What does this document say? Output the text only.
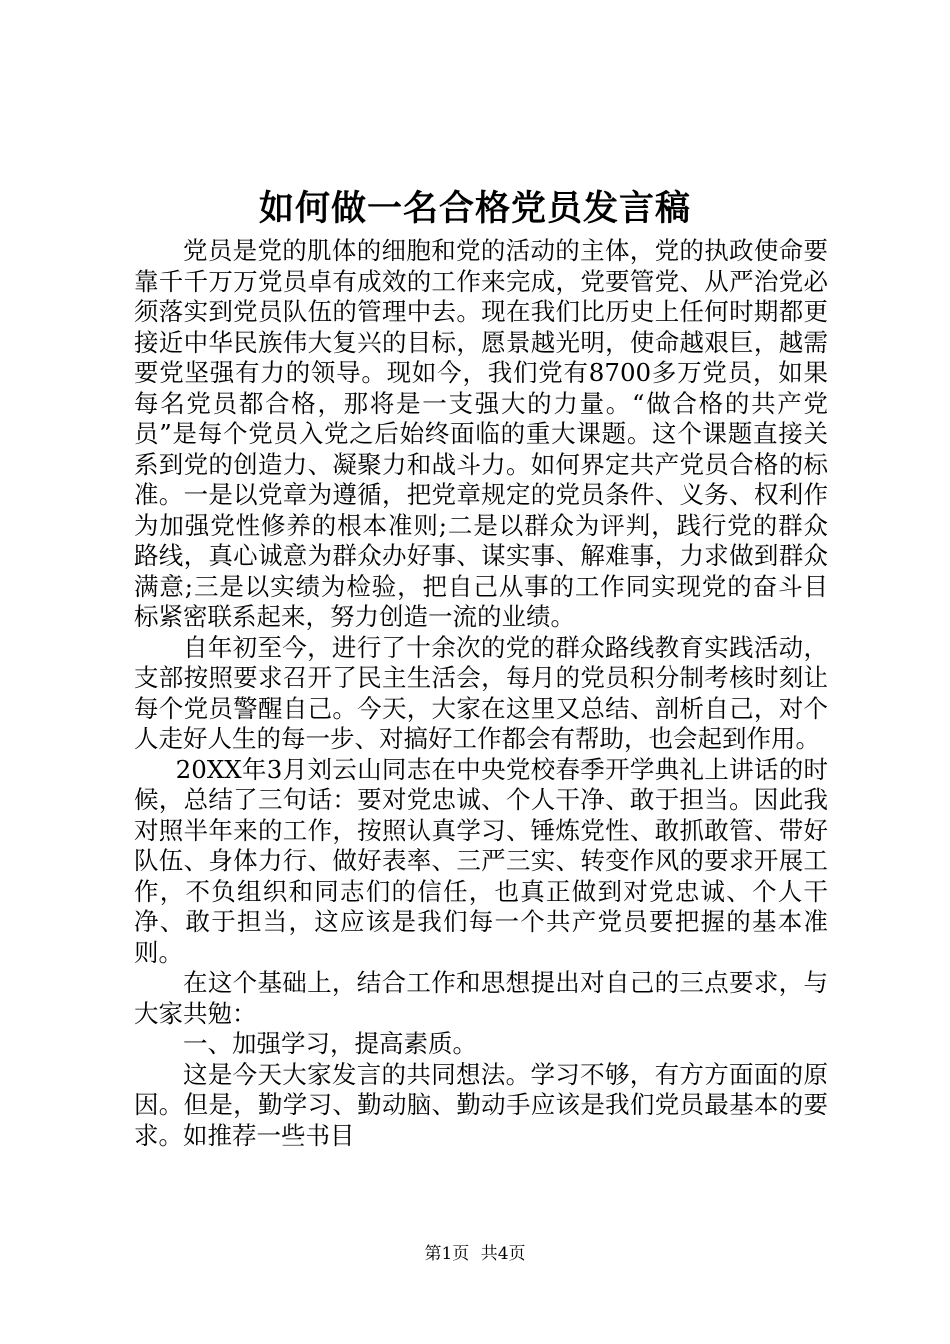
如何做一名合格党员发言稿

党员是党的肌体的细胞和党的活动的主体，党的执政使命要靠千千万万党员卓有成效的工作来完成，党要管党、从严治党必须落实到党员队伍的管理中去。现在我们比历史上任何时期都更接近中华民族伟大复兴的目标，愿景越光明，使命越艰巨，越需要党坚强有力的领导。现如今，我们党有8700多万党员，如果每名党员都合格，那将是一支强大的力量。“做合格的共产党员”是每个党员入党之后始终面临的重大课题。这个课题直接关系到党的创造力、凝聚力和战斗力。如何界定共产党员合格的标准。一是以党章为遵循，把党章规定的党员条件、义务、权利作为加强党性修养的根本准则;二是以群众为评判，践行党的群众路线，真心诚意为群众办好事、谋实事、解难事，力求做到群众满意;三是以实绩为检验，把自己从事的工作同实现党的奋斗目标紧密联系起来，努力创造一流的业绩。

自年初至今，进行了十余次的党的群众路线教育实践活动，支部按照要求召开了民主生活会，每月的党员积分制考核时刻让每个党员警醒自己。今天，大家在这里又总结、剖析自己，对个人走好人生的每一步、对搞好工作都会有帮助，也会起到作用。

20XX年3月刘云山同志在中央党校春季开学典礼上讲话的时候，总结了三句话：要对党忠诚、个人干净、敢于担当。因此我对照半年来的工作，按照认真学习、锤炼党性、敢抓敢管、带好队伍、身体力行、做好表率、三严三实、转变作风的要求开展工作，不负组织和同志们的信任，也真正做到对党忠诚、个人干净、敢于担当，这应该是我们每一个共产党员要把握的基本准则。

在这个基础上，结合工作和思想提出对自己的三点要求，与大家共勉：

一、加强学习，提高素质。

这是今天大家发言的共同想法。学习不够，有方方面面的原因。但是，勤学习、勤动脑、勤动手应该是我们党员最基本的要求。如推荐一些书目

第1页 共4页
